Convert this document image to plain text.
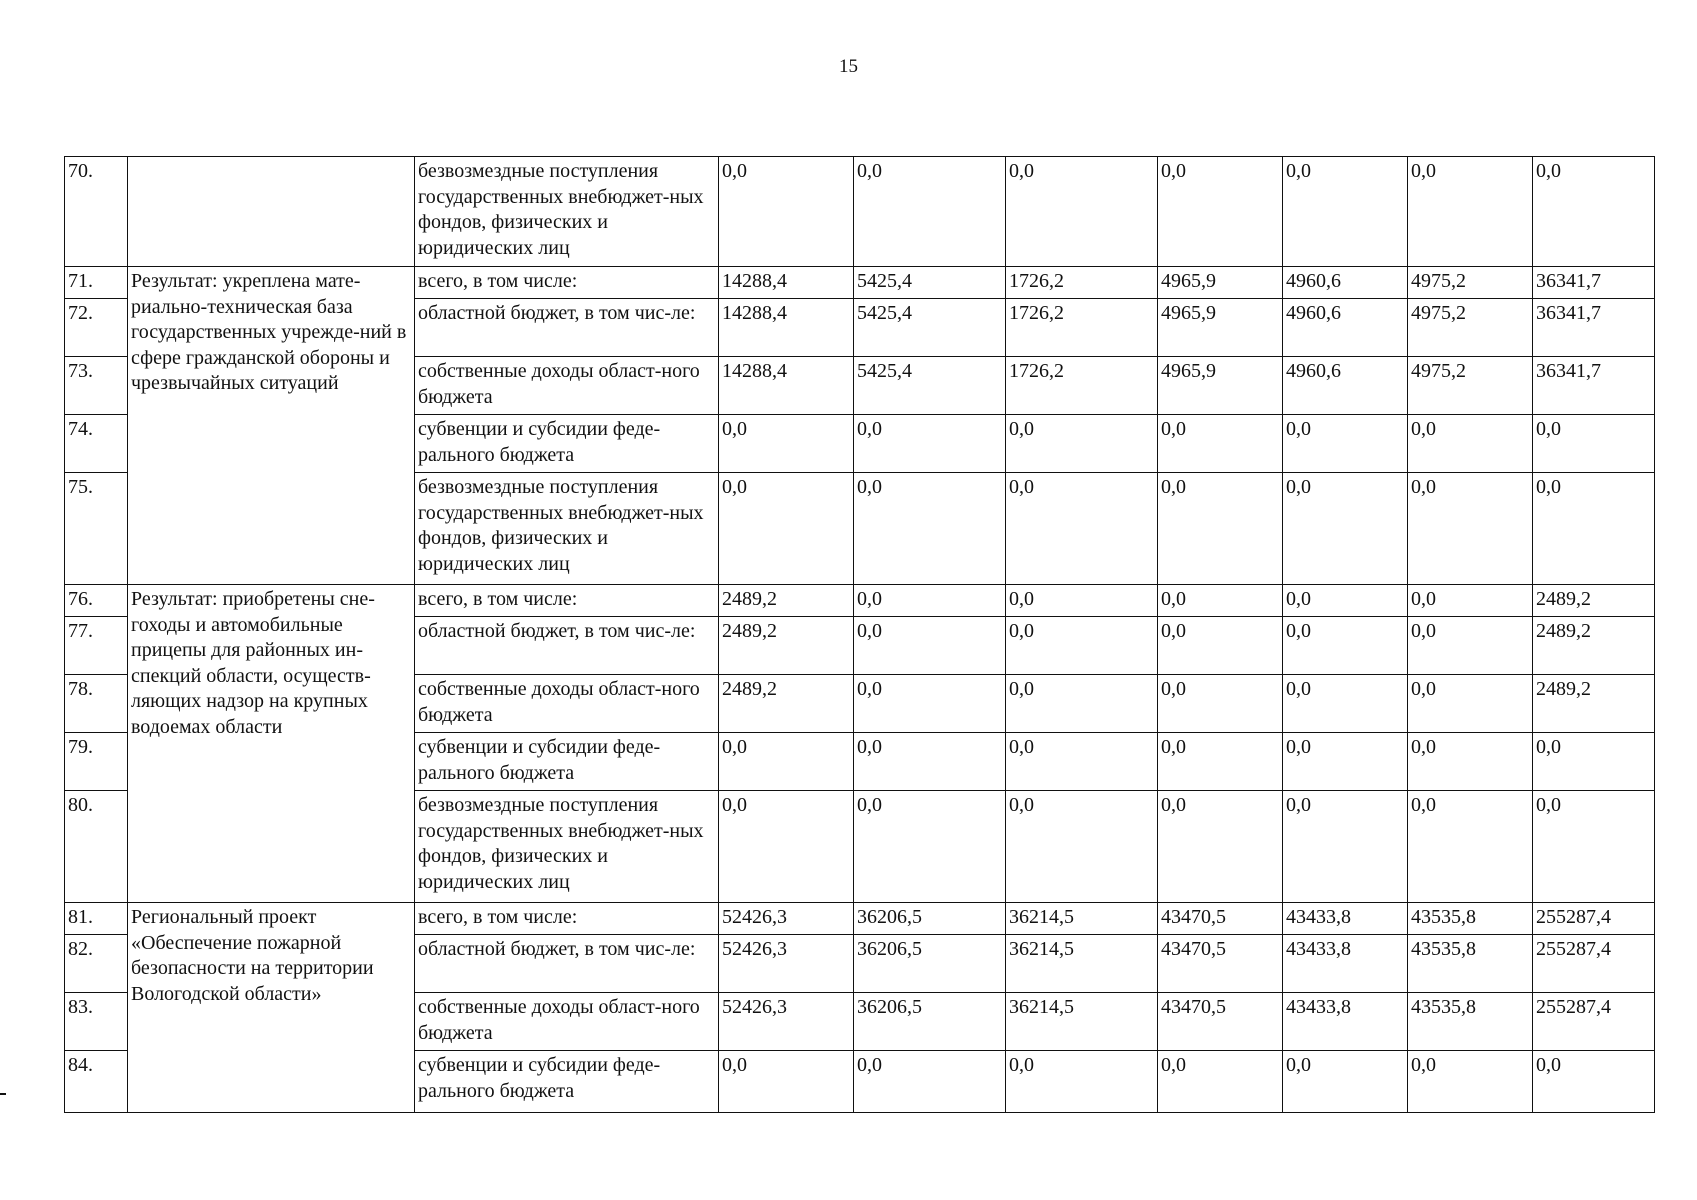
15
70.		безвозмездные поступления государственных внебюджет-ных фондов, физических и юридических лиц	0,0	0,0	0,0	0,0	0,0	0,0	0,0
71.	Результат: укреплена мате-риально-техническая база государственных учрежде-ний в сфере гражданской обороны и чрезвычайных ситуаций	всего, в том числе:	14288,4	5425,4	1726,2	4965,9	4960,6	4975,2	36341,7
72.		областной бюджет, в том чис-ле:	14288,4	5425,4	1726,2	4965,9	4960,6	4975,2	36341,7
73.		собственные доходы област-ного бюджета	14288,4	5425,4	1726,2	4965,9	4960,6	4975,2	36341,7
74.		субвенции и субсидии феде-рального бюджета	0,0	0,0	0,0	0,0	0,0	0,0	0,0
75.		безвозмездные поступления государственных внебюджет-ных фондов, физических и юридических лиц	0,0	0,0	0,0	0,0	0,0	0,0	0,0
76.	Результат: приобретены сне-гоходы и автомобильные прицепы для районных ин-спекций области, осуществ-ляющих надзор на крупных водоемах области	всего, в том числе:	2489,2	0,0	0,0	0,0	0,0	0,0	2489,2
77.		областной бюджет, в том чис-ле:	2489,2	0,0	0,0	0,0	0,0	0,0	2489,2
78.		собственные доходы област-ного бюджета	2489,2	0,0	0,0	0,0	0,0	0,0	2489,2
79.		субвенции и субсидии феде-рального бюджета	0,0	0,0	0,0	0,0	0,0	0,0	0,0
80.		безвозмездные поступления государственных внебюджет-ных фондов, физических и юридических лиц	0,0	0,0	0,0	0,0	0,0	0,0	0,0
81.	Региональный проект «Обеспечение пожарной безопасности на территории Вологодской области»	всего, в том числе:	52426,3	36206,5	36214,5	43470,5	43433,8	43535,8	255287,4
82.		областной бюджет, в том чис-ле:	52426,3	36206,5	36214,5	43470,5	43433,8	43535,8	255287,4
83.		собственные доходы област-ного бюджета	52426,3	36206,5	36214,5	43470,5	43433,8	43535,8	255287,4
84.		субвенции и субсидии феде-рального бюджета	0,0	0,0	0,0	0,0	0,0	0,0	0,0
